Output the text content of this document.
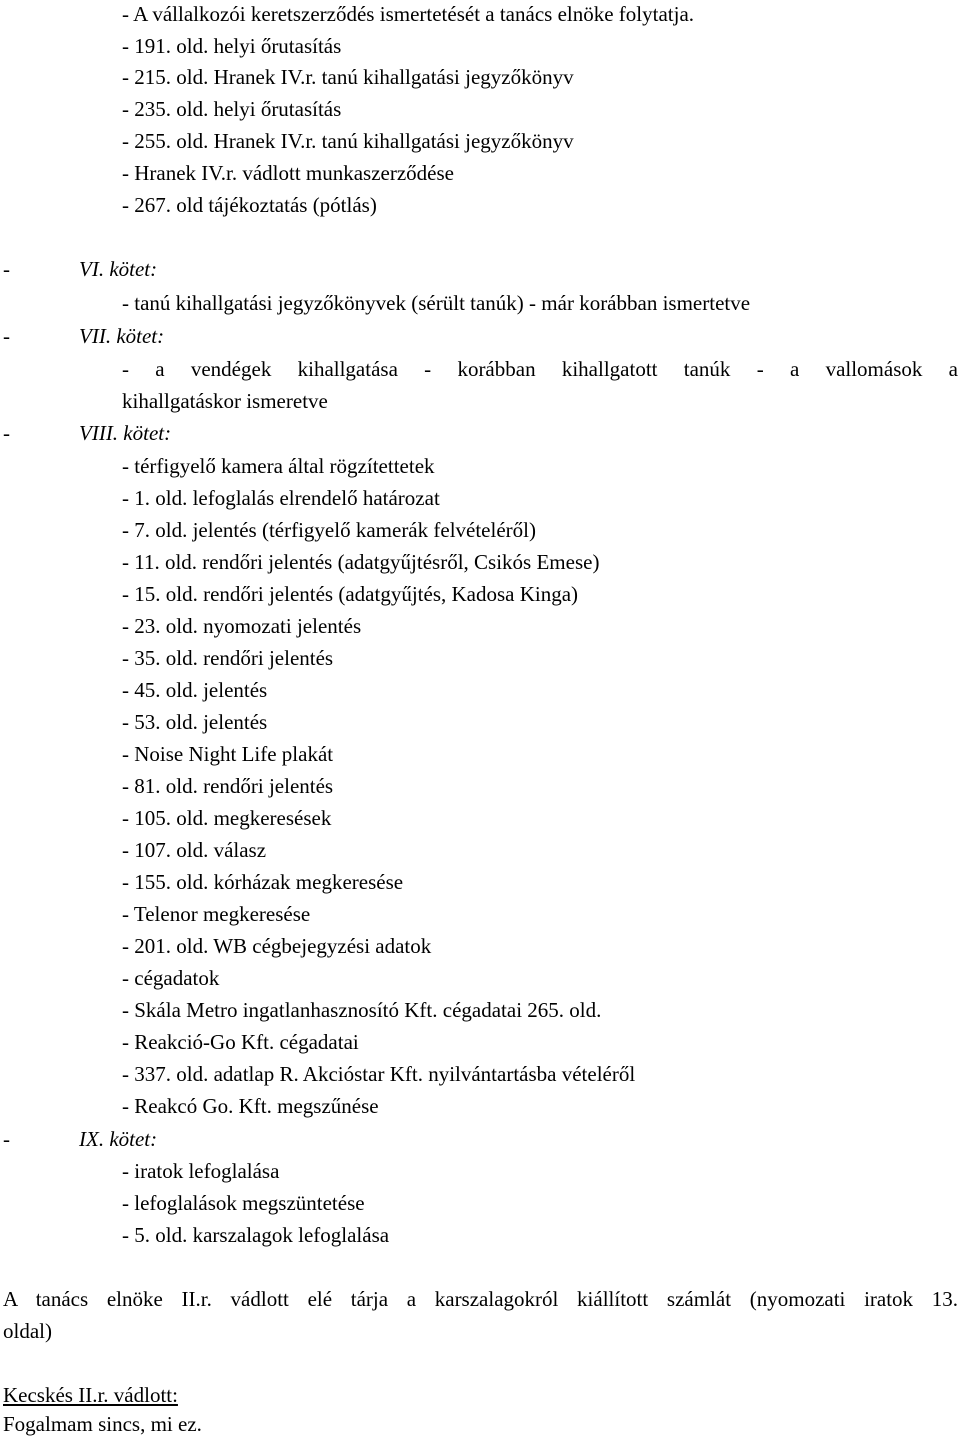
- A vállalkozói keretszerződés ismertetését a tanács elnöke folytatja.
- 191. old. helyi őrutasítás
- 215. old. Hranek IV.r. tanú kihallgatási jegyzőkönyv
- 235. old. helyi őrutasítás
- 255. old. Hranek IV.r. tanú kihallgatási jegyzőkönyv
- Hranek IV.r. vádlott munkaszerződése
- 267. old tájékoztatás (pótlás)
-	VI. kötet:
- tanú kihallgatási jegyzőkönyvek (sérült tanúk) - már korábban ismertetve
-	VII. kötet:
- a vendégek kihallgatása - korábban kihallgatott tanúk - a vallomások a
kihallgatáskor ismeretve
-	VIII. kötet:
- térfigyelő kamera által rögzítettetek
- 1. old. lefoglalás elrendelő határozat
- 7. old. jelentés (térfigyelő kamerák felvételéről)
- 11. old. rendőri jelentés (adatgyűjtésről, Csikós Emese)
- 15. old. rendőri jelentés (adatgyűjtés, Kadosa Kinga)
- 23. old. nyomozati jelentés
- 35. old. rendőri jelentés
- 45. old. jelentés
- 53. old. jelentés
- Noise Night Life plakát
- 81. old. rendőri jelentés
- 105. old. megkeresések
- 107. old. válasz
- 155. old. kórházak megkeresése
- Telenor megkeresése
- 201. old. WB cégbejegyzési adatok
- cégadatok
- Skála Metro ingatlanhasznosító Kft. cégadatai 265. old.
- Reakció-Go Kft. cégadatai
- 337. old. adatlap R. Akcióstar Kft. nyilvántartásba vételéről
- Reakcó Go. Kft. megszűnése
-	IX. kötet:
- iratok lefoglalása
- lefoglalások megszüntetése
- 5. old. karszalagok lefoglalása
A tanács elnöke II.r. vádlott elé tárja a karszalagokról kiállított számlát (nyomozati iratok 13.
oldal)
Kecskés II.r. vádlott:
Fogalmam sincs, mi ez.
